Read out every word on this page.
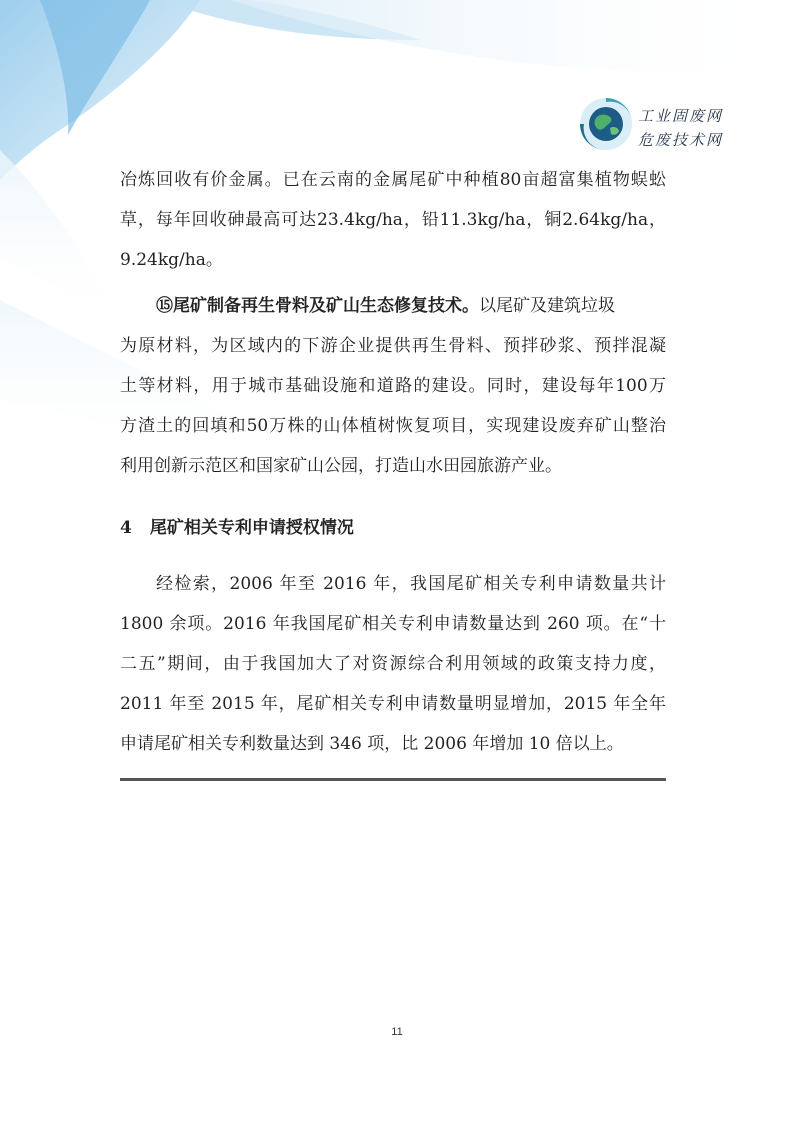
工业固废网
危废技术网
冶炼回收有价金属。已在云南的金属尾矿中种植80亩超富集植物蜈蚣
草，每年回收砷最高可达23.4kg/ha，铅11.3kg/ha，铜2.64kg/ha，
9.24kg/ha。
⑮尾矿制备再生骨料及矿山生态修复技术。以尾矿及建筑垃圾
为原材料，为区域内的下游企业提供再生骨料、预拌砂浆、预拌混凝
土等材料，用于城市基础设施和道路的建设。同时，建设每年100万
方渣土的回填和50万株的山体植树恢复项目，实现建设废弃矿山整治
利用创新示范区和国家矿山公园，打造山水田园旅游产业。
4 尾矿相关专利申请授权情况
经检索，2006 年至 2016 年，我国尾矿相关专利申请数量共计
1800 余项。2016 年我国尾矿相关专利申请数量达到 260 项。在“十
二五”期间，由于我国加大了对资源综合利用领域的政策支持力度，
2011 年至 2015 年，尾矿相关专利申请数量明显增加，2015 年全年
申请尾矿相关专利数量达到 346 项，比 2006 年增加 10 倍以上。
11
